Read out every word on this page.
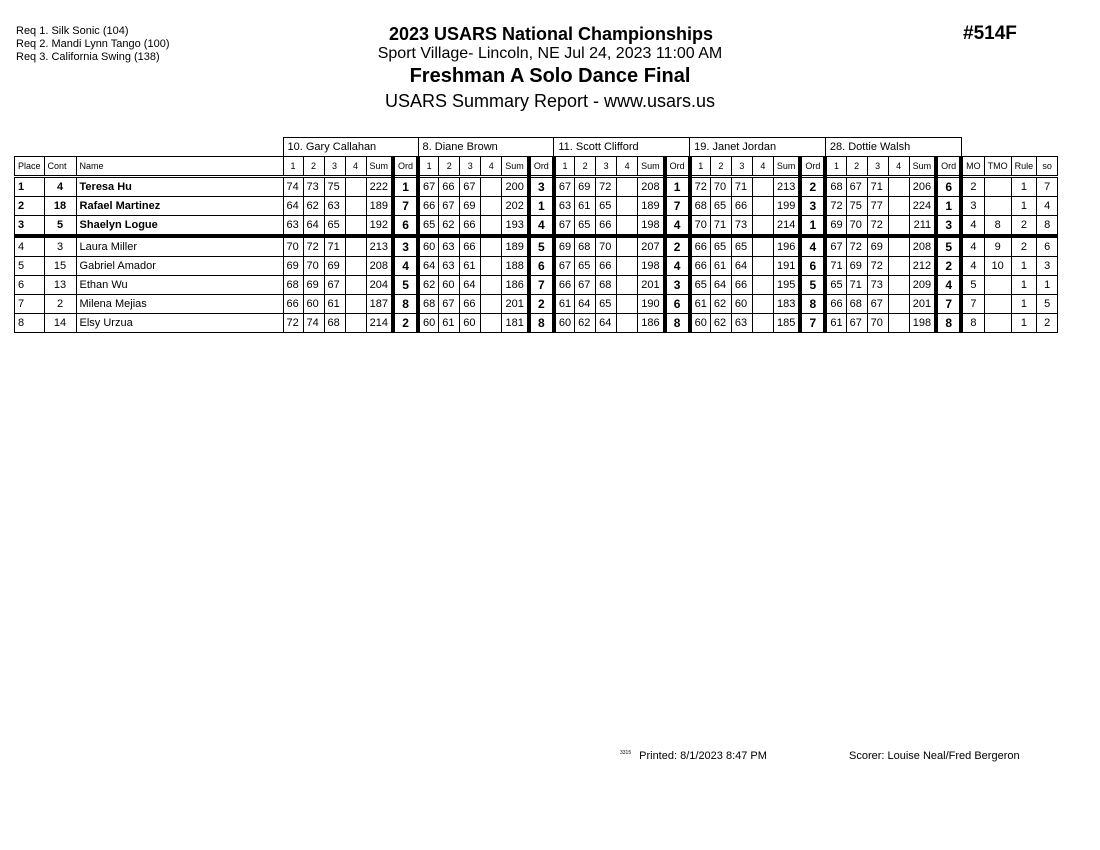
Req 1. Silk Sonic (104)
Req 2. Mandi Lynn Tango (100)
Req 3. California Swing (138)
2023 USARS National Championships
Sport Village- Lincoln, NE Jul 24, 2023 11:00 AM
Freshman A Solo Dance Final
USARS Summary Report - www.usars.us
#514F
			10. Gary Callahan						8. Diane Brown						11. Scott Clifford						19. Janet Jordan						28. Dottie Walsh									
Place	Cont	Name	1	2	3	4	Sum	Ord	1	2	3	4	Sum	Ord	1	2	3	4	Sum	Ord	1	2	3	4	Sum	Ord	1	2	3	4	Sum	Ord	MO	TMO	Rule	so
1	4	Teresa Hu	74	73	75		222	1	67	66	67		200	3	67	69	72		208	1	72	70	71		213	2	68	67	71		206	6	2		1	7
2	18	Rafael Martinez	64	62	63		189	7	66	67	69		202	1	63	61	65		189	7	68	65	66		199	3	72	75	77		224	1	3		1	4
3	5	Shaelyn Logue	63	64	65		192	6	65	62	66		193	4	67	65	66		198	4	70	71	73		214	1	69	70	72		211	3	4	8	2	8
4	3	Laura Miller	70	72	71		213	3	60	63	66		189	5	69	68	70		207	2	66	65	65		196	4	67	72	69		208	5	4	9	2	6
5	15	Gabriel Amador	69	70	69		208	4	64	63	61		188	6	67	65	66		198	4	66	61	64		191	6	71	69	72		212	2	4	10	1	3
6	13	Ethan Wu	68	69	67		204	5	62	60	64		186	7	66	67	68		201	3	65	64	66		195	5	65	71	73		209	4	5		1	1
7	2	Milena Mejias	66	60	61		187	8	68	67	66		201	2	61	64	65		190	6	61	62	60		183	8	66	68	67		201	7	7		1	5
8	14	Elsy Urzua	72	74	68		214	2	60	61	60		181	8	60	62	64		186	8	60	62	63		185	7	61	67	70		198	8	8		1	2
$^{3315}$ Printed: 8/1/2023 8:47 PM	Scorer: Louise Neal/Fred Bergeron
